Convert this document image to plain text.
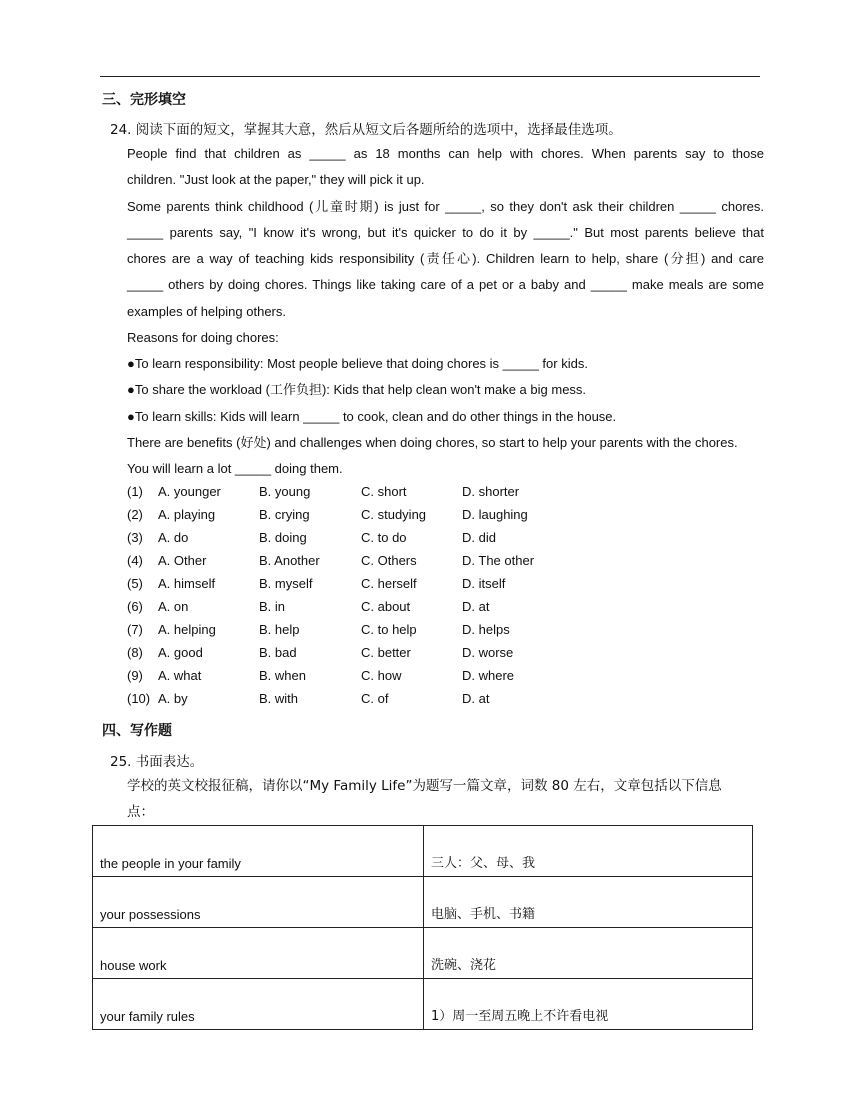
三、完形填空
24. 阅读下面的短文，掌握其大意，然后从短文后各题所给的选项中，选择最佳选项。
People find that children as _____ as 18 months can help with chores. When parents say to those
children. "Just look at the paper," they will pick it up.
Some parents think childhood (儿童时期) is just for _____, so they don't ask their children _____ chores.
_____ parents say, "I know it's wrong, but it's quicker to do it by _____." But most parents believe that
chores are a way of teaching kids responsibility (责任心). Children learn to help, share (分担) and care
_____ others by doing chores. Things like taking care of a pet or a baby and _____ make meals are some
examples of helping others.
Reasons for doing chores:
●To learn responsibility: Most people believe that doing chores is _____ for kids.
●To share the workload (工作负担): Kids that help clean won't make a big mess.
●To learn skills: Kids will learn _____ to cook, clean and do other things in the house.
There are benefits (好处) and challenges when doing chores, so start to help your parents with the chores.
You will learn a lot _____ doing them.
(1) A. younger	B. young	C. short	D. shorter
(2) A. playing	B. crying	C. studying	D. laughing
(3) A. do	B. doing	C. to do	D. did
(4) A. Other	B. Another	C. Others	D. The other
(5) A. himself	B. myself	C. herself	D. itself
(6) A. on	B. in	C. about	D. at
(7) A. helping	B. help	C. to help	D. helps
(8) A. good	B. bad	C. better	D. worse
(9) A. what	B. when	C. how	D. where
(10) A. by	B. with	C. of	D. at
四、写作题
25. 书面表达。
学校的英文校报征稿，请你以“My Family Life”为题写一篇文章，词数 80 左右，文章包括以下信息
点：
the people in your family	三人：父、母、我
your possessions	电脑、手机、书籍
house work	洗碗、浇花
your family rules	1）周一至周五晚上不许看电视
